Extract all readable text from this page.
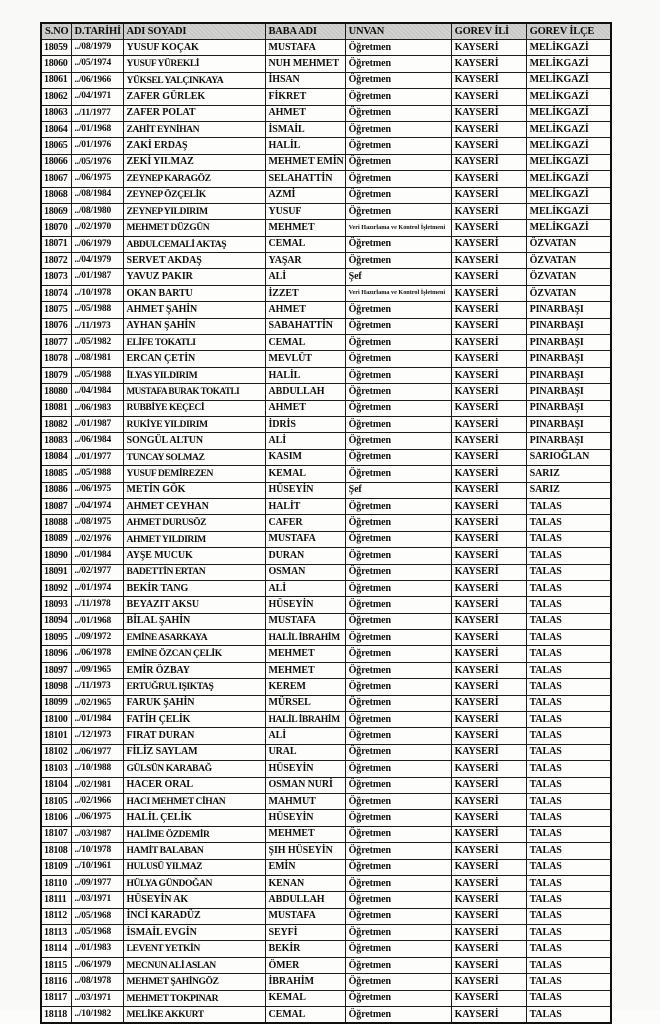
S.NO	D.TARİHİ	ADI SOYADI	BABA ADI	UNVAN	GOREV İLİ	GOREV İLÇE
18059	../08/1979	YUSUF KOÇAK	MUSTAFA	Öğretmen	KAYSERİ	MELİKGAZİ
18060	../05/1974	YUSUF YÜREKLİ	NUH MEHMET	Öğretmen	KAYSERİ	MELİKGAZİ
18061	../06/1966	YÜKSEL YALÇINKAYA	İHSAN	Öğretmen	KAYSERİ	MELİKGAZİ
18062	../04/1971	ZAFER GÜRLEK	FİKRET	Öğretmen	KAYSERİ	MELİKGAZİ
18063	../11/1977	ZAFER POLAT	AHMET	Öğretmen	KAYSERİ	MELİKGAZİ
18064	../01/1968	ZAHİT EYNİHAN	İSMAİL	Öğretmen	KAYSERİ	MELİKGAZİ
18065	../01/1976	ZAKİ ERDAŞ	HALİL	Öğretmen	KAYSERİ	MELİKGAZİ
18066	../05/1976	ZEKİ YILMAZ	MEHMET EMİN	Öğretmen	KAYSERİ	MELİKGAZİ
18067	../06/1975	ZEYNEP KARAGÖZ	SELAHATTİN	Öğretmen	KAYSERİ	MELİKGAZİ
18068	../08/1984	ZEYNEP ÖZÇELİK	AZMİ	Öğretmen	KAYSERİ	MELİKGAZİ
18069	../08/1980	ZEYNEP YILDIRIM	YUSUF	Öğretmen	KAYSERİ	MELİKGAZİ
18070	../02/1970	MEHMET DÜZGÜN	MEHMET	Veri Hazırlama ve Kontrol İşletmeni	KAYSERİ	MELİKGAZİ
18071	../06/1979	ABDULCEMALİ AKTAŞ	CEMAL	Öğretmen	KAYSERİ	ÖZVATAN
18072	../04/1979	SERVET AKDAŞ	YAŞAR	Öğretmen	KAYSERİ	ÖZVATAN
18073	../01/1987	YAVUZ PAKIR	ALİ	Şef	KAYSERİ	ÖZVATAN
18074	../10/1978	OKAN BARTU	İZZET	Veri Hazırlama ve Kontrol İşletmeni	KAYSERİ	ÖZVATAN
18075	../05/1988	AHMET ŞAHİN	AHMET	Öğretmen	KAYSERİ	PINARBAŞI
18076	../11/1973	AYHAN ŞAHİN	SABAHATTİN	Öğretmen	KAYSERİ	PINARBAŞI
18077	../05/1982	ELİFE TOKATLI	CEMAL	Öğretmen	KAYSERİ	PINARBAŞI
18078	../08/1981	ERCAN ÇETİN	MEVLÜT	Öğretmen	KAYSERİ	PINARBAŞI
18079	../05/1988	İLYAS YILDIRIM	HALİL	Öğretmen	KAYSERİ	PINARBAŞI
18080	../04/1984	MUSTAFA BURAK TOKATLI	ABDULLAH	Öğretmen	KAYSERİ	PINARBAŞI
18081	../06/1983	RUBBİYE KEÇECİ	AHMET	Öğretmen	KAYSERİ	PINARBAŞI
18082	../01/1987	RUKİYE YILDIRIM	İDRİS	Öğretmen	KAYSERİ	PINARBAŞI
18083	../06/1984	SONGÜL ALTUN	ALİ	Öğretmen	KAYSERİ	PINARBAŞI
18084	../01/1977	TUNCAY SOLMAZ	KASIM	Öğretmen	KAYSERİ	SARIOĞLAN
18085	../05/1988	YUSUF DEMİREZEN	KEMAL	Öğretmen	KAYSERİ	SARIZ
18086	../06/1975	METİN GÖK	HÜSEYİN	Şef	KAYSERİ	SARIZ
18087	../04/1974	AHMET CEYHAN	HALİT	Öğretmen	KAYSERİ	TALAS
18088	../08/1975	AHMET DURUSÖZ	CAFER	Öğretmen	KAYSERİ	TALAS
18089	../02/1976	AHMET YILDIRIM	MUSTAFA	Öğretmen	KAYSERİ	TALAS
18090	../01/1984	AYŞE MUCUK	DURAN	Öğretmen	KAYSERİ	TALAS
18091	../02/1977	BADETTİN ERTAN	OSMAN	Öğretmen	KAYSERİ	TALAS
18092	../01/1974	BEKİR TANG	ALİ	Öğretmen	KAYSERİ	TALAS
18093	../11/1978	BEYAZIT AKSU	HÜSEYİN	Öğretmen	KAYSERİ	TALAS
18094	../01/1968	BİLAL ŞAHİN	MUSTAFA	Öğretmen	KAYSERİ	TALAS
18095	../09/1972	EMİNE ASARKAYA	HALİL İBRAHİM	Öğretmen	KAYSERİ	TALAS
18096	../06/1978	EMİNE ÖZCAN ÇELİK	MEHMET	Öğretmen	KAYSERİ	TALAS
18097	../09/1965	EMİR ÖZBAY	MEHMET	Öğretmen	KAYSERİ	TALAS
18098	../11/1973	ERTUĞRUL IŞIKTAŞ	KEREM	Öğretmen	KAYSERİ	TALAS
18099	../02/1965	FARUK ŞAHİN	MÜRSEL	Öğretmen	KAYSERİ	TALAS
18100	../01/1984	FATİH ÇELİK	HALİL İBRAHİM	Öğretmen	KAYSERİ	TALAS
18101	../12/1973	FIRAT DURAN	ALİ	Öğretmen	KAYSERİ	TALAS
18102	../06/1977	FİLİZ SAYLAM	URAL	Öğretmen	KAYSERİ	TALAS
18103	../10/1988	GÜLSÜN KARABAĞ	HÜSEYİN	Öğretmen	KAYSERİ	TALAS
18104	../02/1981	HACER ORAL	OSMAN NURİ	Öğretmen	KAYSERİ	TALAS
18105	../02/1966	HACI MEHMET CİHAN	MAHMUT	Öğretmen	KAYSERİ	TALAS
18106	../06/1975	HALİL ÇELİK	HÜSEYİN	Öğretmen	KAYSERİ	TALAS
18107	../03/1987	HALİME ÖZDEMİR	MEHMET	Öğretmen	KAYSERİ	TALAS
18108	../10/1978	HAMİT BALABAN	ŞIH HÜSEYİN	Öğretmen	KAYSERİ	TALAS
18109	../10/1961	HULUSÜ YILMAZ	EMİN	Öğretmen	KAYSERİ	TALAS
18110	../09/1977	HÜLYA GÜNDOĞAN	KENAN	Öğretmen	KAYSERİ	TALAS
18111	../03/1971	HÜSEYİN AK	ABDULLAH	Öğretmen	KAYSERİ	TALAS
18112	../05/1968	İNCİ KARADÜZ	MUSTAFA	Öğretmen	KAYSERİ	TALAS
18113	../05/1968	İSMAİL EVGİN	SEYFİ	Öğretmen	KAYSERİ	TALAS
18114	../01/1983	LEVENT YETKİN	BEKİR	Öğretmen	KAYSERİ	TALAS
18115	../06/1979	MECNUN ALİ ASLAN	ÖMER	Öğretmen	KAYSERİ	TALAS
18116	../08/1978	MEHMET ŞAHİNGÖZ	İBRAHİM	Öğretmen	KAYSERİ	TALAS
18117	../03/1971	MEHMET TOKPINAR	KEMAL	Öğretmen	KAYSERİ	TALAS
18118	../10/1982	MELİKE AKKURT	CEMAL	Öğretmen	KAYSERİ	TALAS
